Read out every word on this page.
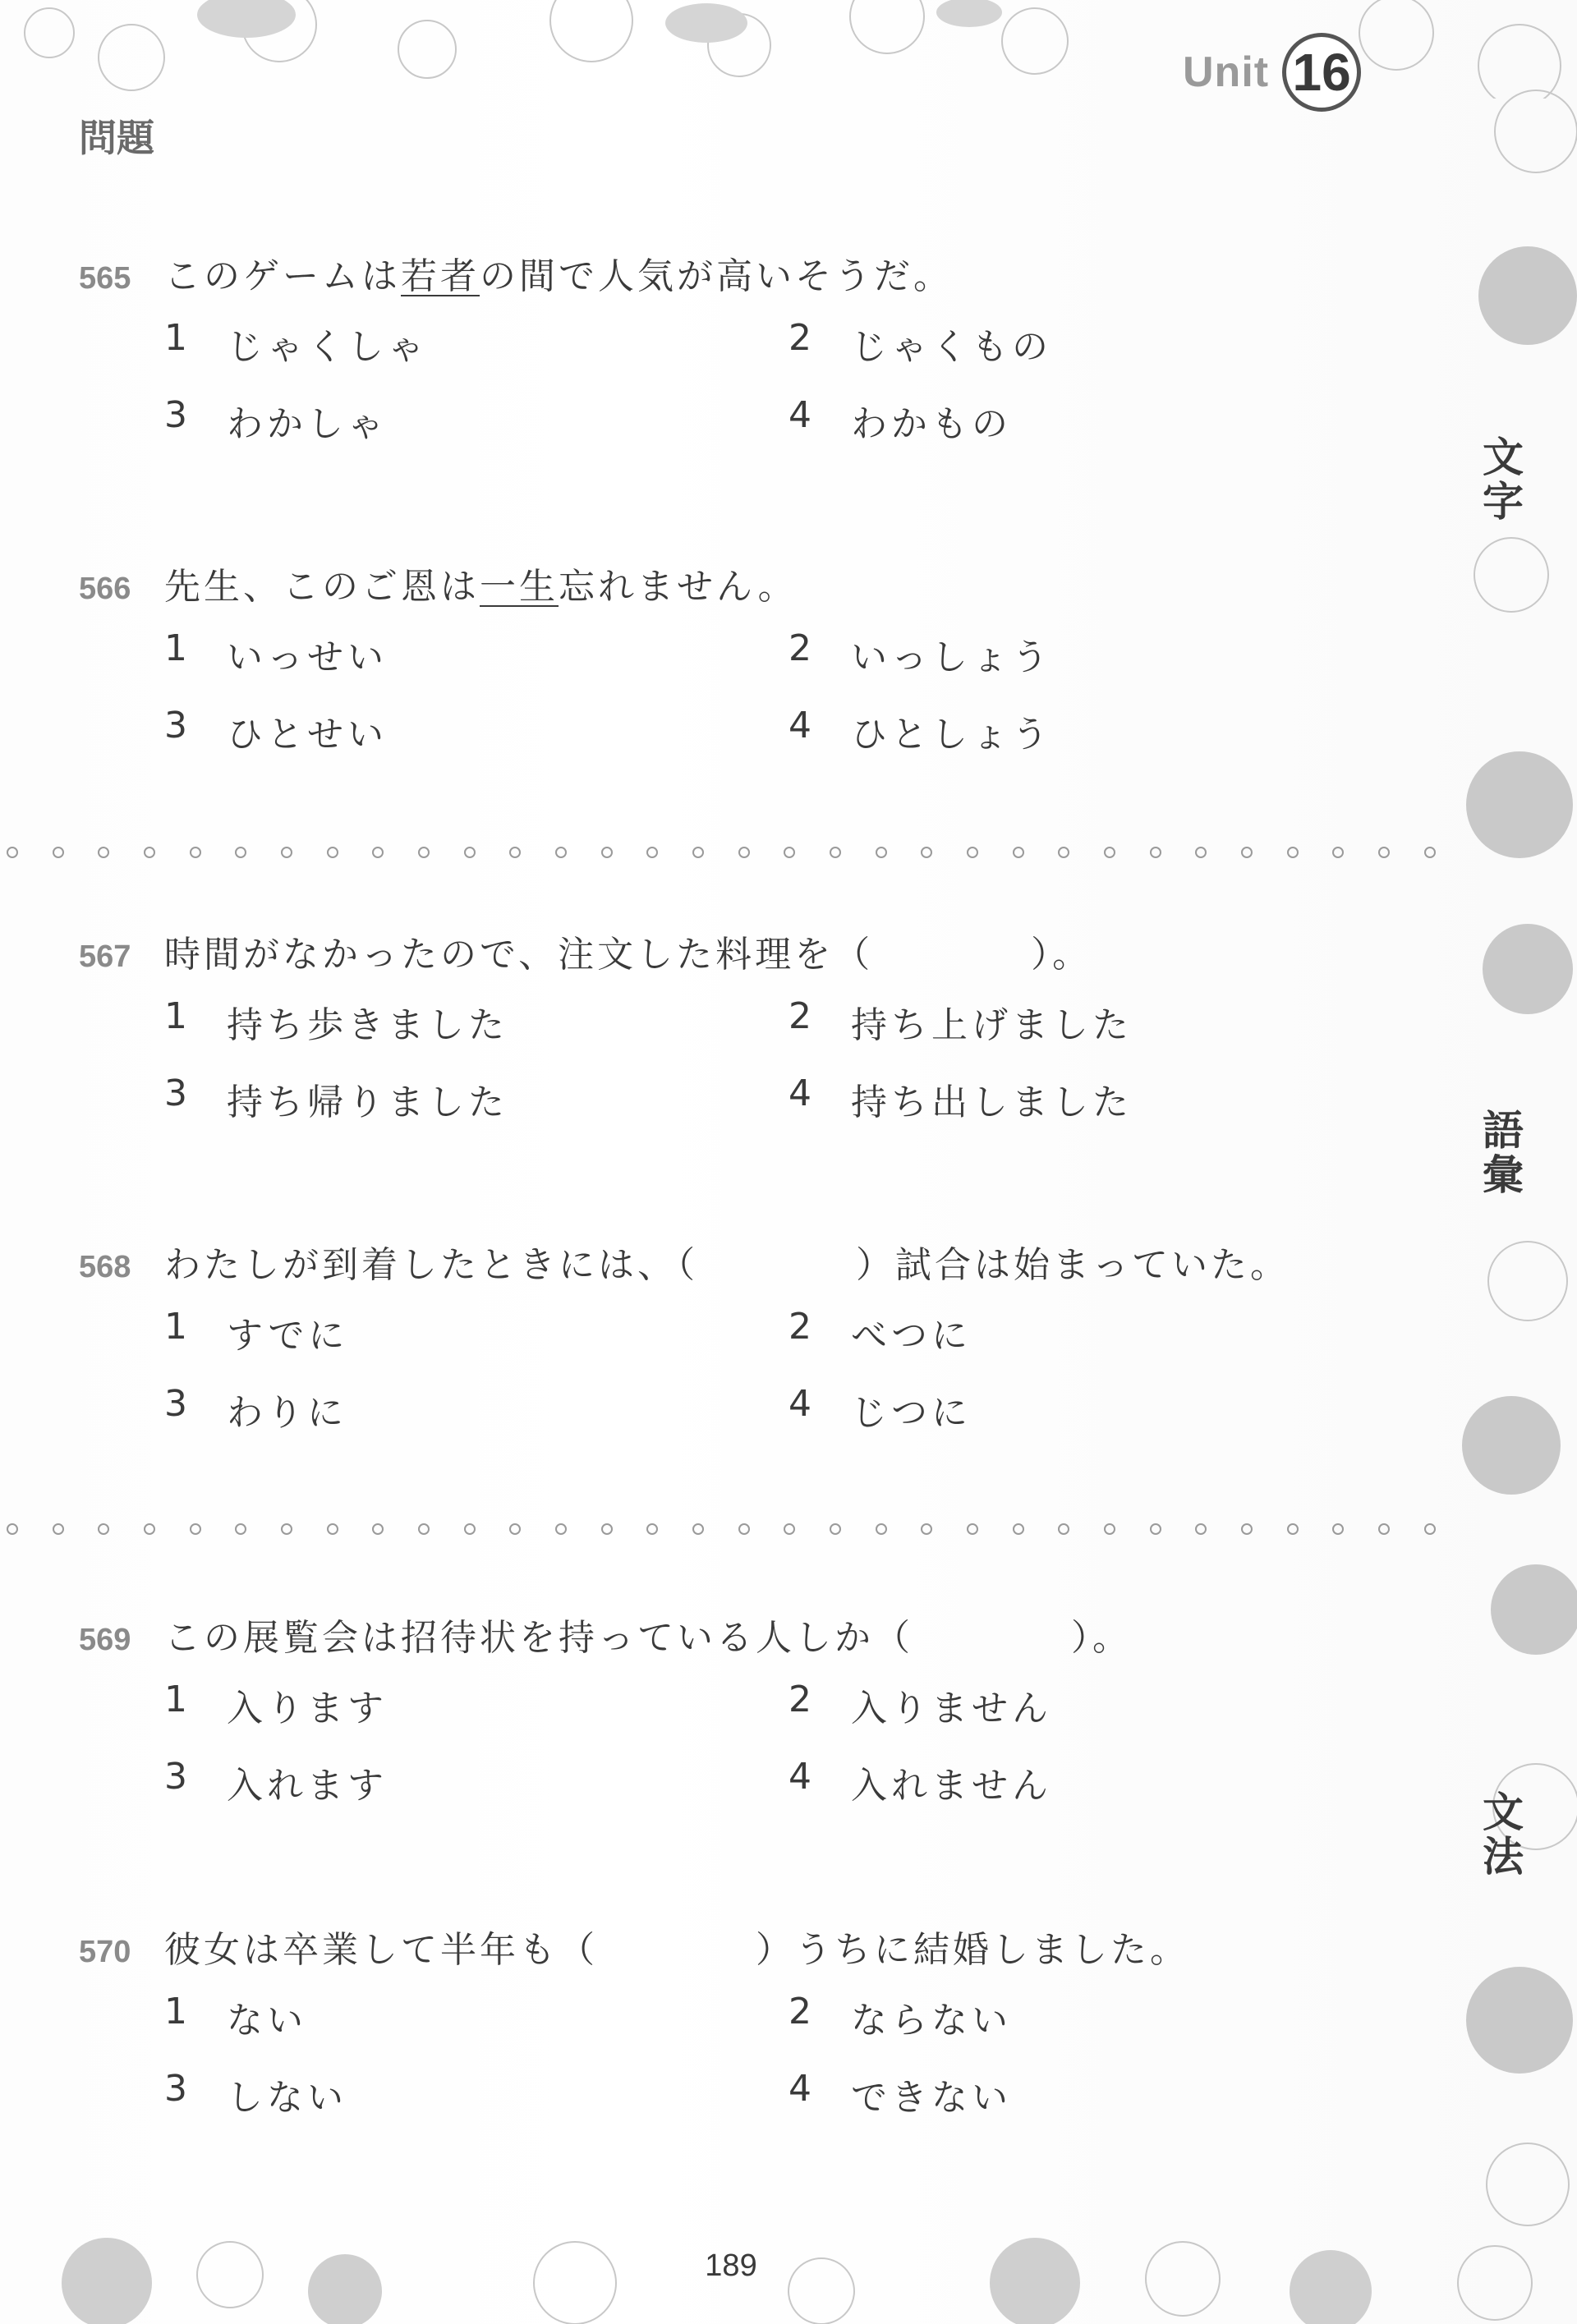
Unit 16
問題
565 このゲームは若者の間で人気が高いそうだ。
1 じゃくしゃ	2 じゃくもの
3 わかしゃ	4 わかもの
566 先生、このご恩は一生忘れません。
1 いっせい	2 いっしょう
3 ひとせい	4 ひとしょう
567 時間がなかったので、注文した料理を（　　　　）。
1 持ち歩きました	2 持ち上げました
3 持ち帰りました	4 持ち出しました
568 わたしが到着したときには、（　　　　）試合は始まっていた。
1 すでに	2 べつに
3 わりに	4 じつに
569 この展覧会は招待状を持っている人しか（　　　　）。
1 入ります	2 入りません
3 入れます	4 入れません
570 彼女は卒業して半年も（　　　　）うちに結婚しました。
1 ない	2 ならない
3 しない	4 できない
文字
語彙
文法
189
